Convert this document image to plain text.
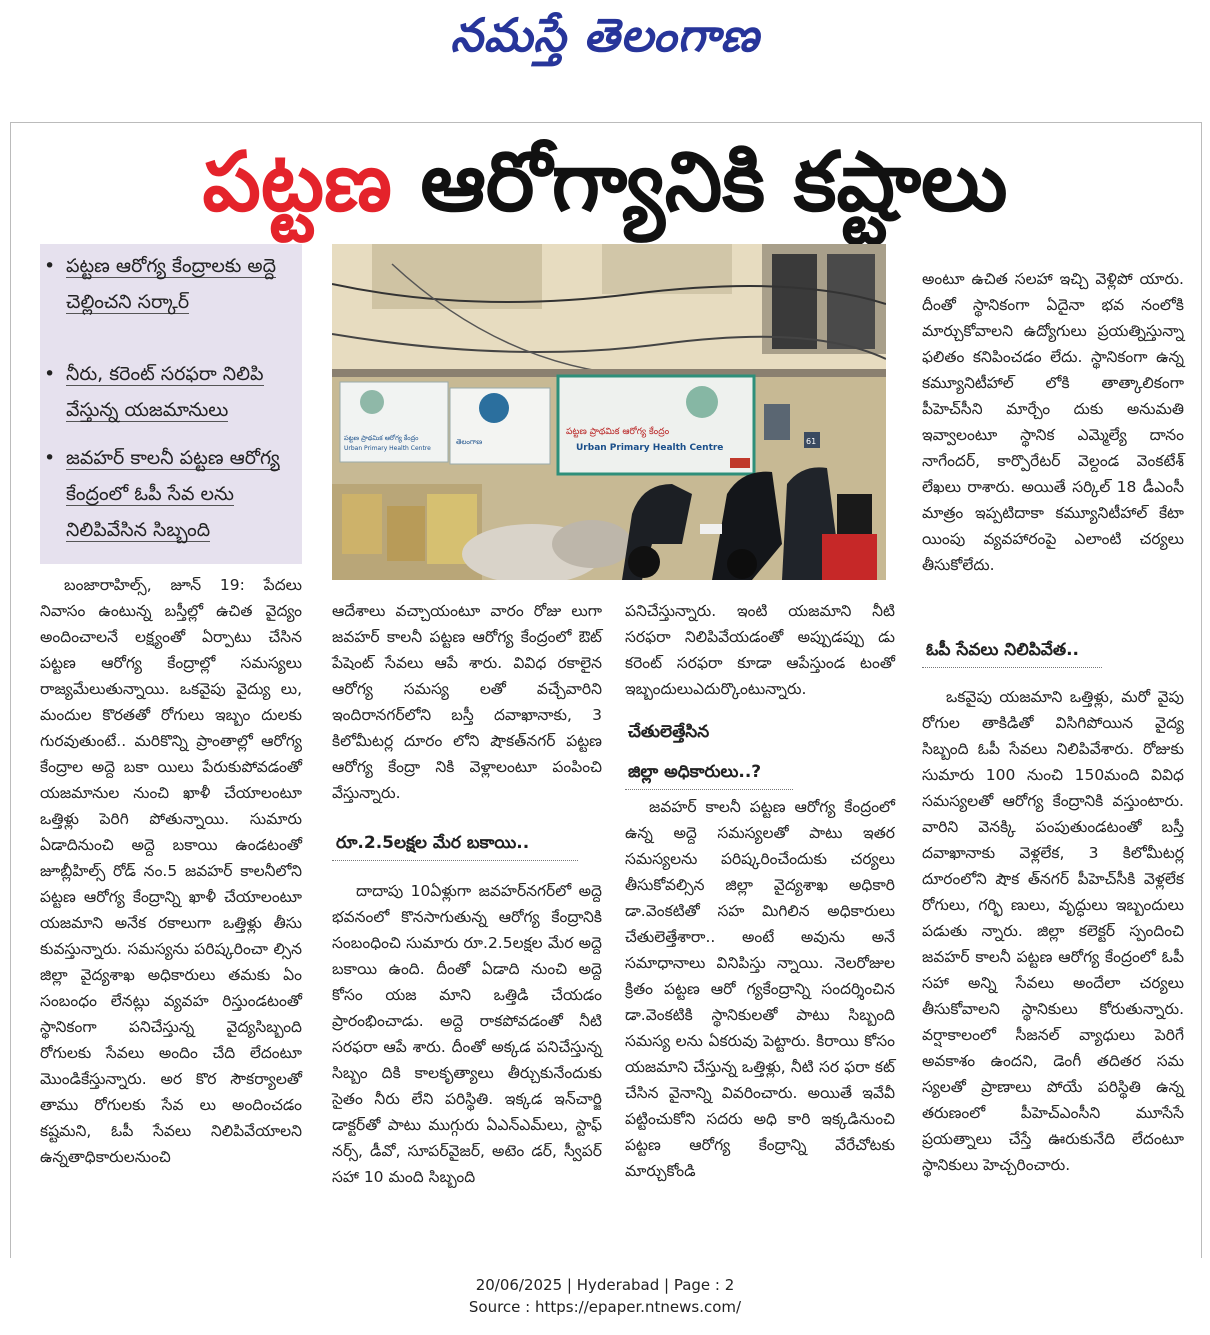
నమస్తే తెలంగాణ
పట్టణ ఆరోగ్యానికి కష్టాలు
• పట్టణ ఆరోగ్య కేంద్రాలకు అద్దె చెల్లించని సర్కార్
• నీరు, కరెంట్ సరఫరా నిలిపి వేస్తున్న యజమానులు
• జవహర్ కాలనీ పట్టణ ఆరోగ్య కేంద్రంలో ఓపీ సేవ లను నిలిపివేసిన సిబ్బంది
పట్టణ ప్రాథమిక ఆరోగ్య కేంద్రం
Urban Primary Health Centre
తెలంగాణ
పట్టణ ప్రాథమిక ఆరోగ్య కేంద్రం
Urban Primary Health Centre
61

బంజారాహిల్స్, జూన్ 19: పేదలు నివాసం ఉంటున్న బస్తీల్లో ఉచిత వైద్యం అందించాలనే లక్ష్యంతో ఏర్పాటు చేసిన పట్టణ ఆరోగ్య కేంద్రాల్లో సమస్యలు రాజ్యమేలుతున్నాయి. ఒకవైపు వైద్యు లు, మందుల కొరతతో రోగులు ఇబ్బం దులకు గురవుతుంటే.. మరికొన్ని ప్రాంతాల్లో ఆరోగ్య కేంద్రాల అద్దె బకా యిలు పేరుకుపోవడంతో యజమానుల నుంచి ఖాళీ చేయాలంటూ ఒత్తిళ్లు పెరిగి పోతున్నాయి. సుమారు ఏడాదినుంచి అద్దె బకాయి ఉండటంతో జూబ్లీహిల్స్ రోడ్ నం.5 జవహర్ కాలనీలోని పట్టణ ఆరోగ్య కేంద్రాన్ని ఖాళీ చేయాలంటూ యజమాని అనేక రకాలుగా ఒత్తిళ్లు తీసు కువస్తున్నారు. సమస్యను పరిష్కరించా ల్సిన జిల్లా వైద్యశాఖ అధికారులు తమకు ఏం సంబంధం లేనట్లు వ్యవహ రిస్తుండటంతో స్థానికంగా పనిచేస్తున్న వైద్యసిబ్బంది రోగులకు సేవలు అందిం చేది లేదంటూ మొండికేస్తున్నారు. అర కొర సౌకర్యాలతో తాము రోగులకు సేవ లు అందించడం కష్టమని, ఓపీ సేవలు నిలిపివేయాలని ఉన్నతాధికారులనుంచి

ఆదేశాలు వచ్చాయంటూ వారం రోజు లుగా జవహర్ కాలనీ పట్టణ ఆరోగ్య కేంద్రంలో ఔట్ పేషెంట్ సేవలు ఆపే శారు. వివిధ రకాలైన ఆరోగ్య సమస్య లతో వచ్చేవారిని ఇందిరానగర్‌లోని బస్తీ దవాఖానాకు, 3 కిలోమీటర్ల దూరం లోని షౌకత్‌నగర్ పట్టణ ఆరోగ్య కేంద్రా నికి వెళ్లాలంటూ పంపించి వేస్తున్నారు.

రూ.2.5లక్షల మేర బకాయి..

దాదాపు 10ఏళ్లుగా జవహర్‌నగర్‌లో అద్దె భవనంలో కొనసాగుతున్న ఆరోగ్య కేంద్రానికి సంబంధించి సుమారు రూ.2.5లక్షల మేర అద్దె బకాయి ఉంది. దీంతో ఏడాది నుంచి అద్దె కోసం యజ మాని ఒత్తిడి చేయడం ప్రారంభించాడు. అద్దె రాకపోవడంతో నీటి సరఫరా ఆపే శారు. దీంతో అక్కడ పనిచేస్తున్న సిబ్బం దికి కాలకృత్యాలు తీర్చుకునేందుకు సైతం నీరు లేని పరిస్థితి. ఇక్కడ ఇన్‌చార్జి డాక్టర్‌తో పాటు ముగ్గురు ఏఎన్‌ఎమ్‌లు, స్టాఫ్ నర్స్, డీవో, సూపర్‌వైజర్, అటెం డర్, స్వీపర్ సహా 10 మంది సిబ్బంది

పనిచేస్తున్నారు. ఇంటి యజమాని నీటి సరఫరా నిలిపివేయడంతో అప్పుడప్పు డు కరెంట్ సరఫరా కూడా ఆపేస్తుండ టంతో ఇబ్బందులుఎదుర్కొంటున్నారు.

చేతులెత్తేసిన
జిల్లా అధికారులు..?

జవహర్ కాలనీ పట్టణ ఆరోగ్య కేంద్రంలో ఉన్న అద్దె సమస్యలతో పాటు ఇతర సమస్యలను పరిష్కరించేందుకు చర్యలు తీసుకోవల్సిన జిల్లా వైద్యశాఖ అధికారి డా.వెంకటితో సహ మిగిలిన అధికారులు చేతులెత్తేశారా.. అంటే అవును అనే సమాధానాలు వినిపిస్తు న్నాయి. నెలరోజుల క్రితం పట్టణ ఆరో గ్యకేంద్రాన్ని సందర్శించిన డా.వెంకటికి స్థానికులతో పాటు సిబ్బంది సమస్య లను ఏకరువు పెట్టారు. కిరాయి కోసం యజమాని చేస్తున్న ఒత్తిళ్లు, నీటి సర ఫరా కట్ చేసిన వైనాన్ని వివరించారు. అయితే ఇవేవీ పట్టించుకోని సదరు అధి కారి ఇక్కడినుంచి పట్టణ ఆరోగ్య కేంద్రాన్ని వేరేచోటకు మార్చుకోండి

అంటూ ఉచిత సలహా ఇచ్చి వెళ్లిపో యారు. దీంతో స్థానికంగా ఏదైనా భవ నంలోకి మార్చుకోవాలని ఉద్యోగులు ప్రయత్నిస్తున్నా ఫలితం కనిపించడం లేదు. స్థానికంగా ఉన్న కమ్యూనిటీహాల్ లోకి తాత్కాలికంగా పీహెచ్‌సీని మార్చేం దుకు అనుమతి ఇవ్వాలంటూ స్థానిక ఎమ్మెల్యే దానం నాగేందర్, కార్పొరేటర్ వెల్దండ వెంకటేశ్ లేఖలు రాశారు. అయితే సర్కిల్ 18 డీఎంసీ మాత్రం ఇప్పటిదాకా కమ్యూనిటీహాల్ కేటా యింపు వ్యవహారంపై ఎలాంటి చర్యలు తీసుకోలేదు.

ఓపీ సేవలు నిలిపివేత..

ఒకవైపు యజమాని ఒత్తిళ్లు, మరో వైపు రోగుల తాకిడితో విసిగిపోయిన వైద్య సిబ్బంది ఓపీ సేవలు నిలిపివేశారు. రోజుకు సుమారు 100 నుంచి 150మంది వివిధ సమస్యలతో ఆరోగ్య కేంద్రానికి వస్తుంటారు. వారిని వెనక్కి పంపుతుండటంతో బస్తీ దవాఖానాకు వెళ్లలేక, 3 కిలోమీటర్ల దూరంలోని షౌక త్‌నగర్ పీహెచ్‌సీకి వెళ్లలేక రోగులు, గర్భి ణులు, వృద్ధులు ఇబ్బందులు పడుతు న్నారు. జిల్లా కలెక్టర్ స్పందించి జవహర్ కాలనీ పట్టణ ఆరోగ్య కేంద్రంలో ఓపీ సహా అన్ని సేవలు అందేలా చర్యలు తీసుకోవాలని స్థానికులు కోరుతున్నారు. వర్షాకాలంలో సీజనల్ వ్యాధులు పెరిగే అవకాశం ఉందని, డెంగీ తదితర సమ స్యలతో ప్రాణాలు పోయే పరిస్థితి ఉన్న తరుణంలో పీహెచ్‌ఎంసీని మూసేసే ప్రయత్నాలు చేస్తే ఊరుకునేది లేదంటూ స్థానికులు హెచ్చరించారు.

20/06/2025 | Hyderabad | Page : 2
Source : https://epaper.ntnews.com/
